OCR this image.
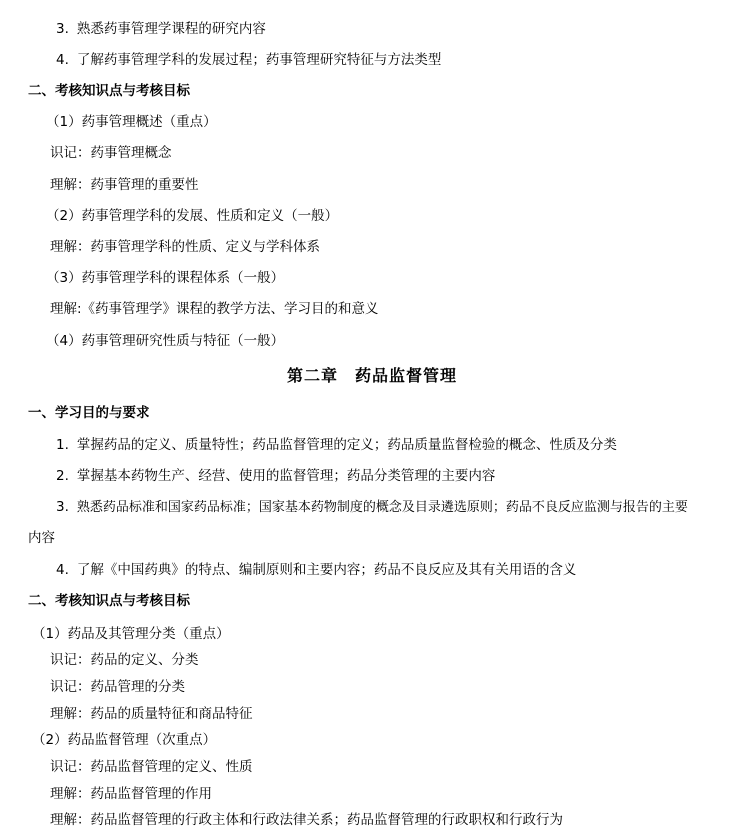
3. 熟悉药事管理学课程的研究内容
4. 了解药事管理学科的发展过程；药事管理研究特征与方法类型
二、考核知识点与考核目标
（1）药事管理概述（重点）
识记：药事管理概念
理解：药事管理的重要性
（2）药事管理学科的发展、性质和定义（一般）
理解：药事管理学科的性质、定义与学科体系
（3）药事管理学科的课程体系（一般）
理解:《药事管理学》课程的教学方法、学习目的和意义
（4）药事管理研究性质与特征（一般）
第二章　药品监督管理
一、学习目的与要求
1. 掌握药品的定义、质量特性；药品监督管理的定义；药品质量监督检验的概念、性质及分类
2. 掌握基本药物生产、经营、使用的监督管理；药品分类管理的主要内容
3. 熟悉药品标准和国家药品标准；国家基本药物制度的概念及目录遴选原则；药品不良反应监测与报告的主要
内容
4. 了解《中国药典》的特点、编制原则和主要内容；药品不良反应及其有关用语的含义
二、考核知识点与考核目标
（1）药品及其管理分类（重点）
识记：药品的定义、分类
识记：药品管理的分类
理解：药品的质量特征和商品特征
（2）药品监督管理（次重点）
识记：药品监督管理的定义、性质
理解：药品监督管理的作用
理解：药品监督管理的行政主体和行政法律关系；药品监督管理的行政职权和行政行为
